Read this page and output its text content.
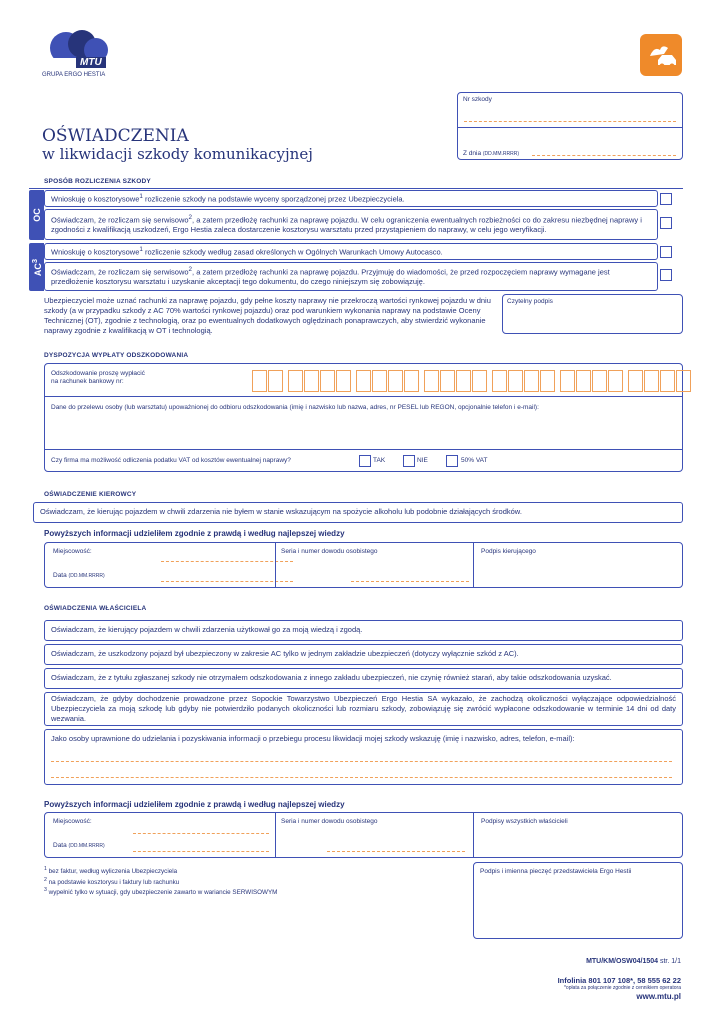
MTU
GRUPA ERGO HESTIA
OŚWIADCZENIA
w likwidacji szkody komunikacyjnej
Nr szkody
Z dnia (DD.MM.RRRR)
SPOSÓB ROZLICZENIA SZKODY
OC
Wnioskuję o kosztorysowe$^1$ rozliczenie szkody na podstawie wyceny sporządzonej przez Ubezpieczyciela.
Oświadczam, że rozliczam się serwisowo$^2$, a zatem przedłożę rachunki za naprawę pojazdu. W celu ograniczenia ewentualnych rozbieżności co do zakresu niezbędnej naprawy i zgodności z kwalifikacją uszkodzeń, Ergo Hestia zaleca dostarczenie kosztorysu warsztatu przed przystąpieniem do naprawy, w celu jego weryfikacji.
$AC^3$
Wnioskuję o kosztorysowe$^1$ rozliczenie szkody według zasad określonych w Ogólnych Warunkach Umowy Autocasco.
Oświadczam, że rozliczam się serwisowo$^2$, a zatem przedłożę rachunki za naprawę pojazdu. Przyjmuję do wiadomości, że przed rozpoczęciem naprawy wymagane jest przedłożenie kosztorysu warsztatu i uzyskanie akceptacji tego dokumentu, do czego niniejszym się zobowiązuję.
Ubezpieczyciel może uznać rachunki za naprawę pojazdu, gdy pełne koszty naprawy nie przekroczą wartości rynkowej pojazdu w dniu szkody (a w przypadku szkody z AC 70% wartości rynkowej pojazdu) oraz pod warunkiem wykonania naprawy na podstawie Oceny Technicznej (OT), zgodnie z technologią, oraz po ewentualnych dodatkowych oględzinach ponaprawczych, aby stwierdzić wykonanie naprawy zgodnie z kwalifikacją w OT i technologią.
Czytelny podpis
DYSPOZYCJA WYPŁATY ODSZKODOWANIA
Odszkodowanie proszę wypłacić
na rachunek bankowy nr:
Dane do przelewu osoby (lub warsztatu) upoważnionej do odbioru odszkodowania (imię i nazwisko lub nazwa, adres, nr PESEL lub REGON, opcjonalnie telefon i e-mail):
Czy firma ma możliwość odliczenia podatku VAT od kosztów ewentualnej naprawy?	TAK	NIE	50% VAT
OŚWIADCZENIE KIEROWCY
Oświadczam, że kierując pojazdem w chwili zdarzenia nie byłem w stanie wskazującym na spożycie alkoholu lub podobnie działających środków.
Powyższych informacji udzieliłem zgodnie z prawdą i według najlepszej wiedzy
Miejscowość:
Data (DD.MM.RRRR)
Seria i numer dowodu osobistego	Podpis kierującego
OŚWIADCZENIA WŁAŚCICIELA
Oświadczam, że kierujący pojazdem w chwili zdarzenia użytkował go za moją wiedzą i zgodą.
Oświadczam, że uszkodzony pojazd był ubezpieczony w zakresie AC tylko w jednym zakładzie ubezpieczeń (dotyczy wyłącznie szkód z AC).
Oświadczam, że z tytułu zgłaszanej szkody nie otrzymałem odszkodowania z innego zakładu ubezpieczeń, nie czynię również starań, aby takie odszkodowania uzyskać.
Oświadczam, że gdyby dochodzenie prowadzone przez Sopockie Towarzystwo Ubezpieczeń Ergo Hestia SA wykazało, że zachodzą okoliczności wyłączające odpowiedzialność Ubezpieczyciela za moją szkodę lub gdyby nie potwierdziło podanych okoliczności lub rozmiaru szkody, zobowiązuję się zwrócić wypłacone odszkodowanie w terminie 14 dni od daty wezwania.
Jako osoby uprawnione do udzielania i pozyskiwania informacji o przebiegu procesu likwidacji mojej szkody wskazuję (imię i nazwisko, adres, telefon, e-mail):
Powyższych informacji udzieliłem zgodnie z prawdą i według najlepszej wiedzy
Miejscowość:
Data (DD.MM.RRRR)
Seria i numer dowodu osobistego	Podpisy wszystkich właścicieli
$^1$ bez faktur, według wyliczenia Ubezpieczyciela
$^2$ na podstawie kosztorysu i faktury lub rachunku
$^3$ wypełnić tylko w sytuacji, gdy ubezpieczenie zawarto w wariancie SERWISOWYM
Podpis i imienna pieczęć przedstawiciela Ergo Hestii
MTU/KM/OSW04/1504 str. 1/1
Infolinia 801 107 108*, 58 555 62 22
*opłata za połączenie zgodnie z cennikiem operatora
www.mtu.pl
